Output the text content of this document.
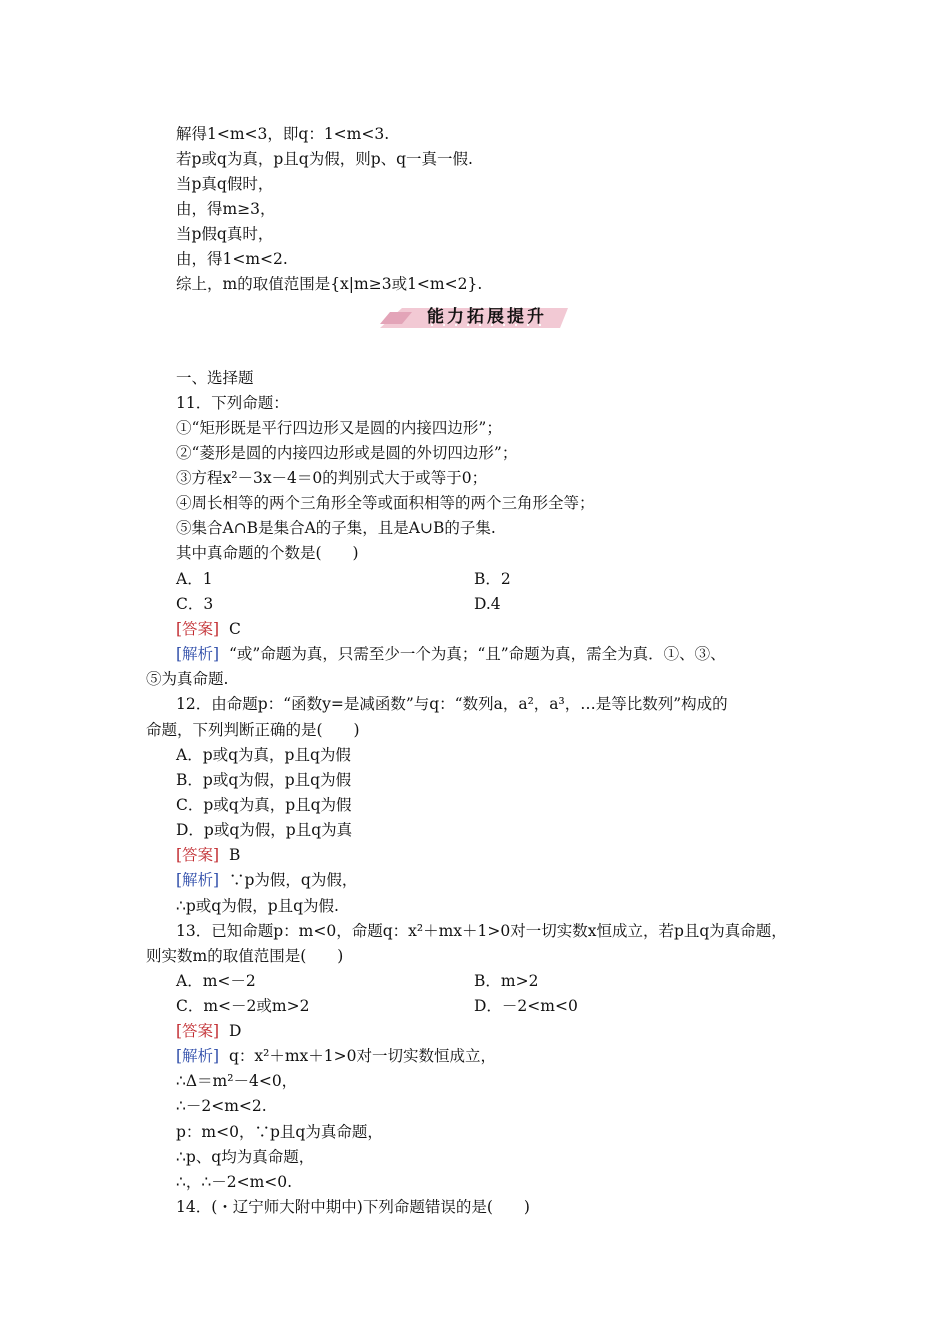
解得1<m<3，即q：1<m<3.
若p或q为真，p且q为假，则p、q一真一假.
当p真q假时，
由，得m≥3，
当p假q真时，
由，得1<m<2.
综上，m的取值范围是{x|m≥3或1<m<2}.
能力拓展提升
一、选择题
11．下列命题：
①“矩形既是平行四边形又是圆的内接四边形”；
②“菱形是圆的内接四边形或是圆的外切四边形”；
③方程x²－3x－4＝0的判别式大于或等于0；
④周长相等的两个三角形全等或面积相等的两个三角形全等；
⑤集合A∩B是集合A的子集，且是A∪B的子集.
其中真命题的个数是(　　)
A．1	B．2
C．3	D.4
[答案] C
[解析] “或”命题为真，只需至少一个为真；“且”命题为真，需全为真．①、③、
⑤为真命题.
12．由命题p：“函数y=是减函数”与q：“数列a，a²，a³，…是等比数列”构成的
命题，下列判断正确的是(　　)
A．p或q为真，p且q为假
B．p或q为假，p且q为假
C．p或q为真，p且q为假
D．p或q为假，p且q为真
[答案] B
[解析] ∵p为假，q为假，
∴p或q为假，p且q为假.
13．已知命题p：m<0，命题q：x²＋mx＋1>0对一切实数x恒成立，若p且q为真命题，
则实数m的取值范围是(　　)
A．m<－2	B．m>2
C．m<－2或m>2	D．－2<m<0
[答案] D
[解析] q：x²＋mx＋1>0对一切实数恒成立，
∴Δ＝m²－4<0，
∴－2<m<2.
p：m<0，∵p且q为真命题，
∴p、q均为真命题，
∴，∴－2<m<0.
14．(・辽宁师大附中期中)下列命题错误的是(　　)
